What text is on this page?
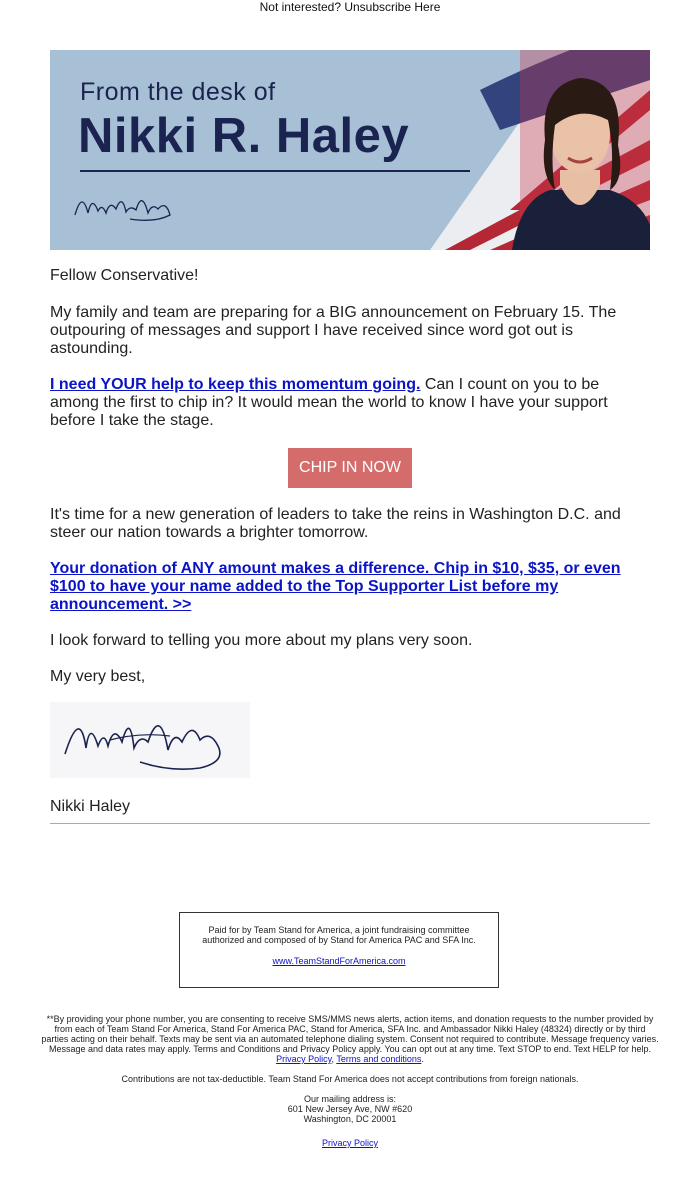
Not interested? Unsubscribe Here
From the desk of
Nikki R. Haley
Fellow Conservative!
My family and team are preparing for a BIG announcement on February 15. The outpouring of messages and support I have received since word got out is astounding.
I need YOUR help to keep this momentum going. Can I count on you to be among the first to chip in? It would mean the world to know I have your support before I take the stage.
CHIP IN NOW
It's time for a new generation of leaders to take the reins in Washington D.C. and steer our nation towards a brighter tomorrow.
Your donation of ANY amount makes a difference. Chip in $10, $35, or even $100 to have your name added to the Top Supporter List before my announcement. >>
I look forward to telling you more about my plans very soon.
My very best,
Nikki Haley
Paid for by Team Stand for America, a joint fundraising committee authorized and composed of by Stand for America PAC and SFA Inc.
www.TeamStandForAmerica.com
**By providing your phone number, you are consenting to receive SMS/MMS news alerts, action items, and donation requests to the number provided by from each of Team Stand For America, Stand For America PAC, Stand for America, SFA Inc. and Ambassador Nikki Haley (48324) directly or by third parties acting on their behalf. Texts may be sent via an automated telephone dialing system. Consent not required to contribute. Message frequency varies. Message and data rates may apply. Terms and Conditions and Privacy Policy apply. You can opt out at any time. Text STOP to end. Text HELP for help. Privacy Policy, Terms and conditions.
Contributions are not tax-deductible. Team Stand For America does not accept contributions from foreign nationals.
Our mailing address is:
601 New Jersey Ave, NW #620
Washington, DC 20001
Privacy Policy
